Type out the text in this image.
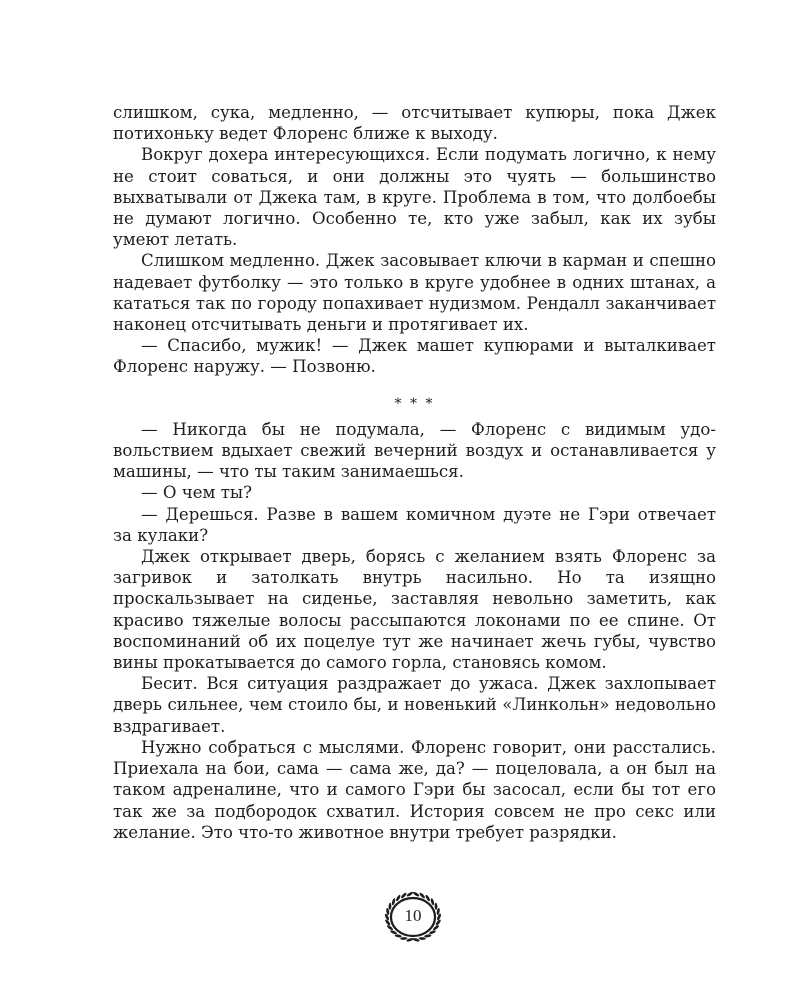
слишком, сука, медленно, — отсчитывает купюры, пока Джек потихоньку ведет Флоренс ближе к выходу.

Вокруг дохера интересующихся. Если подумать логично, к нему не стоит соваться, и они должны это чуять — большинство выхватывали от Джека там, в круге. Проблема в том, что долбоебы не думают логично. Особенно те, кто уже забыл, как их зубы умеют летать.

Слишком медленно. Джек засовывает ключи в карман и спешно надевает футболку — это только в круге удобнее в одних штанах, а кататься так по городу попахивает нудизмом. Рендалл заканчивает наконец отсчитывать деньги и протягивает их.

— Спасибо, мужик! — Джек машет купюрами и выталкивает Флоренс наружу. — Позвоню.

* * *

— Никогда бы не подумала, — Флоренс с видимым удовольствием вдыхает свежий вечерний воздух и останавливается у машины, — что ты таким занимаешься.

— О чем ты?

— Дерешься. Разве в вашем комичном дуэте не Гэри отвечает за кулаки?

Джек открывает дверь, борясь с желанием взять Флоренс за загривок и затолкать внутрь насильно. Но та изящно проскальзывает на сиденье, заставляя невольно заметить, как красиво тяжелые волосы рассыпаются локонами по ее спине. От воспоминаний об их поцелуе тут же начинает жечь губы, чувство вины прокатывается до самого горла, становясь комом.

Бесит. Вся ситуация раздражает до ужаса. Джек захлопывает дверь сильнее, чем стоило бы, и новенький «Линкольн» недовольно вздрагивает.

Нужно собраться с мыслями. Флоренс говорит, они расстались. Приехала на бои, сама — сама же, да? — поцеловала, а он был на таком адреналине, что и самого Гэри бы засосал, если бы тот его так же за подбородок схватил. История совсем не про секс или желание. Это что-то животное внутри требует разрядки.

10
